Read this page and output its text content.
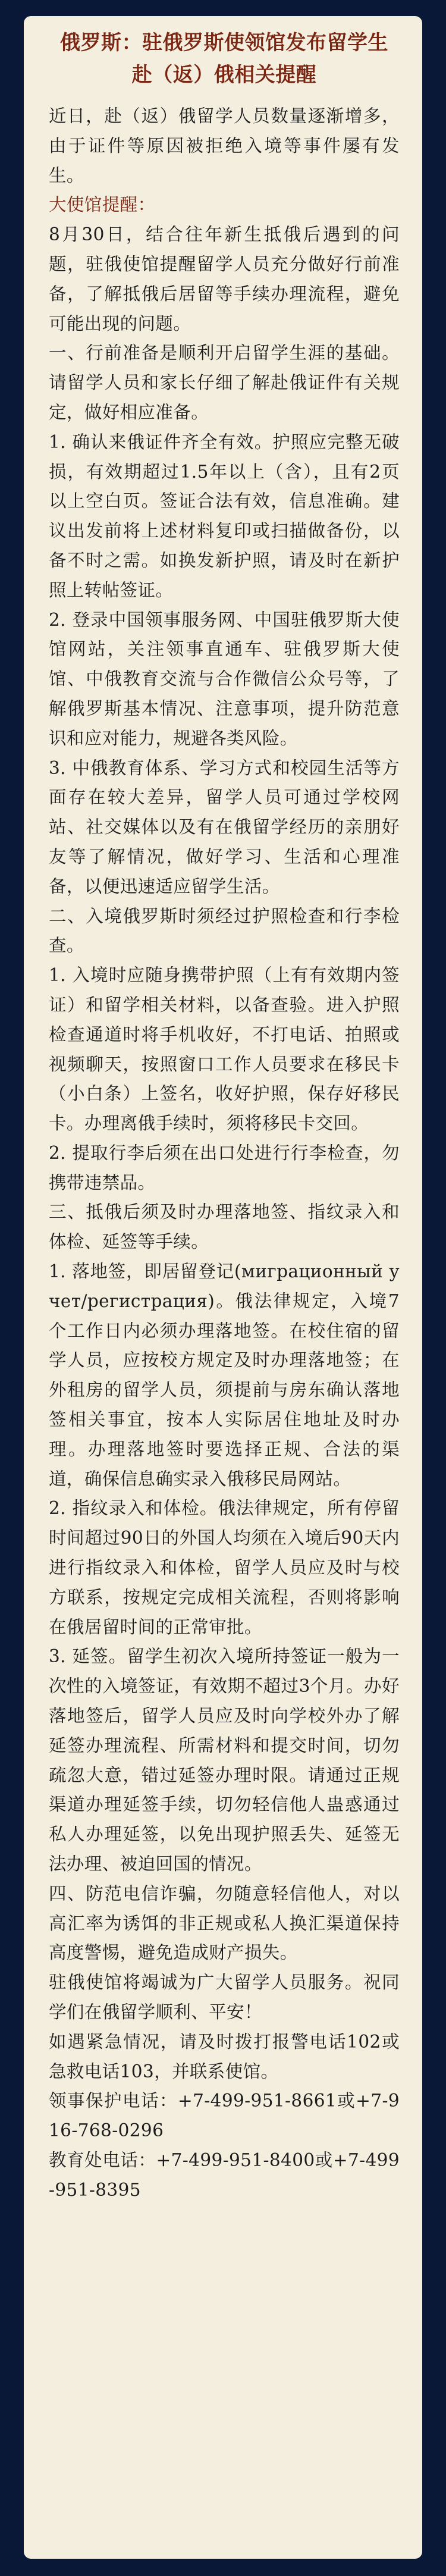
俄罗斯：驻俄罗斯使领馆发布留学生
赴（返）俄相关提醒

近日，赴（返）俄留学人员数量逐渐增多，由于证件等原因被拒绝入境等事件屡有发生。

大使馆提醒：

8月30日，结合往年新生抵俄后遇到的问题，驻俄使馆提醒留学人员充分做好行前准备，了解抵俄后居留等手续办理流程，避免可能出现的问题。

一、行前准备是顺利开启留学生涯的基础。请留学人员和家长仔细了解赴俄证件有关规定，做好相应准备。

1. 确认来俄证件齐全有效。护照应完整无破损，有效期超过1.5年以上（含），且有2页以上空白页。签证合法有效，信息准确。建议出发前将上述材料复印或扫描做备份，以备不时之需。如换发新护照，请及时在新护照上转帖签证。

2. 登录中国领事服务网、中国驻俄罗斯大使馆网站，关注领事直通车、驻俄罗斯大使馆、中俄教育交流与合作微信公众号等，了解俄罗斯基本情况、注意事项，提升防范意识和应对能力，规避各类风险。

3. 中俄教育体系、学习方式和校园生活等方面存在较大差异，留学人员可通过学校网站、社交媒体以及有在俄留学经历的亲朋好友等了解情况，做好学习、生活和心理准备，以便迅速适应留学生活。

二、入境俄罗斯时须经过护照检查和行李检查。

1. 入境时应随身携带护照（上有有效期内签证）和留学相关材料，以备查验。进入护照检查通道时将手机收好，不打电话、拍照或视频聊天，按照窗口工作人员要求在移民卡（小白条）上签名，收好护照，保存好移民卡。办理离俄手续时，须将移民卡交回。

2. 提取行李后须在出口处进行行李检查，勿携带违禁品。

三、抵俄后须及时办理落地签、指纹录入和体检、延签等手续。

1. 落地签，即居留登记(миграционный учет/регистрация)。俄法律规定，入境7个工作日内必须办理落地签。在校住宿的留学人员，应按校方规定及时办理落地签；在外租房的留学人员，须提前与房东确认落地签相关事宜，按本人实际居住地址及时办理。办理落地签时要选择正规、合法的渠道，确保信息确实录入俄移民局网站。

2. 指纹录入和体检。俄法律规定，所有停留时间超过90日的外国人均须在入境后90天内进行指纹录入和体检，留学人员应及时与校方联系，按规定完成相关流程，否则将影响在俄居留时间的正常审批。

3. 延签。留学生初次入境所持签证一般为一次性的入境签证，有效期不超过3个月。办好落地签后，留学人员应及时向学校外办了解延签办理流程、所需材料和提交时间，切勿疏忽大意，错过延签办理时限。请通过正规渠道办理延签手续，切勿轻信他人蛊惑通过私人办理延签，以免出现护照丢失、延签无法办理、被迫回国的情况。

四、防范电信诈骗，勿随意轻信他人，对以高汇率为诱饵的非正规或私人换汇渠道保持高度警惕，避免造成财产损失。

驻俄使馆将竭诚为广大留学人员服务。祝同学们在俄留学顺利、平安！

如遇紧急情况，请及时拨打报警电话102或急救电话103，并联系使馆。

领事保护电话：+7-499-951-8661或+7-916-768-0296

教育处电话：+7-499-951-8400或+7-499-951-8395
